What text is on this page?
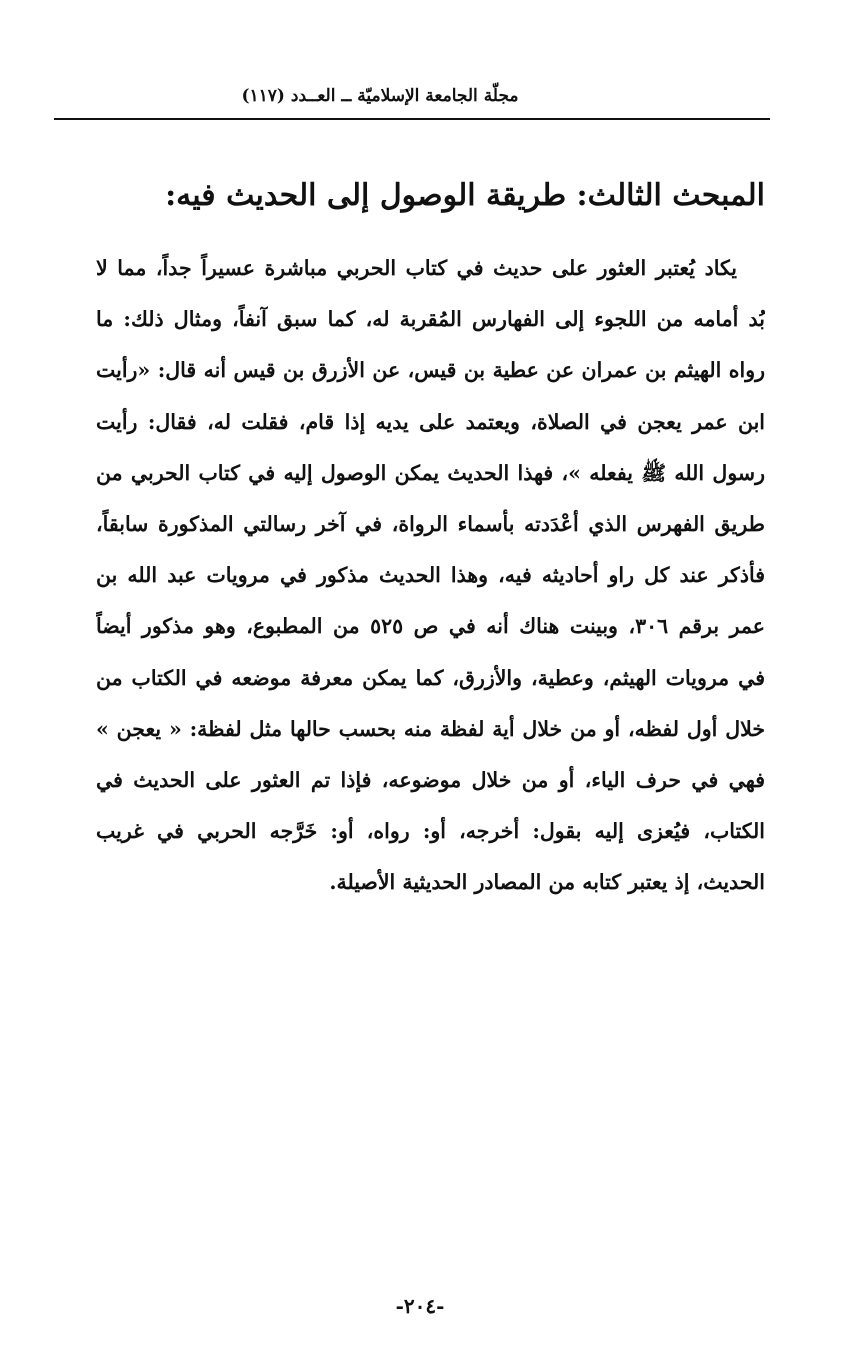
مجلّة الجامعة الإسلاميّة ــ العــدد (١١٧)
المبحث الثالث: طريقة الوصول إلى الحديث فيه:
يكاد يُعتبر العثور على حديث في كتاب الحربي مباشرة عسيراً جداً، مما لا
بُد أمامه من اللجوء إلى الفهارس المُقربة له، كما سبق آنفاً، ومثال ذلك: ما
رواه الهيثم بن عمران عن عطية بن قيس، عن الأزرق بن قيس أنه قال: «رأيت
ابن عمر يعجن في الصلاة، ويعتمد على يديه إذا قام، فقلت له، فقال: رأيت
رسول الله ﷺ يفعله »، فهذا الحديث يمكن الوصول إليه في كتاب الحربي من
طريق الفهرس الذي أعْدَدته بأسماء الرواة، في آخر رسالتي المذكورة سابقاً،
فأذكر عند كل راو أحاديثه فيه، وهذا الحديث مذكور في مرويات عبد الله بن
عمر برقم ٣٠٦، وبينت هناك أنه في ص ٥٢٥ من المطبوع، وهو مذكور أيضاً
في مرويات الهيثم، وعطية، والأزرق، كما يمكن معرفة موضعه في الكتاب من
خلال أول لفظه، أو من خلال أية لفظة منه بحسب حالها مثل لفظة: « يعجن »
فهي في حرف الياء، أو من خلال موضوعه، فإذا تم العثور على الحديث في
الكتاب، فيُعزى إليه بقول: أخرجه، أو: رواه، أو: خَرَّجه الحربي في غريب
الحديث، إذ يعتبر كتابه من المصادر الحديثية الأصيلة.
-٢٠٤-
